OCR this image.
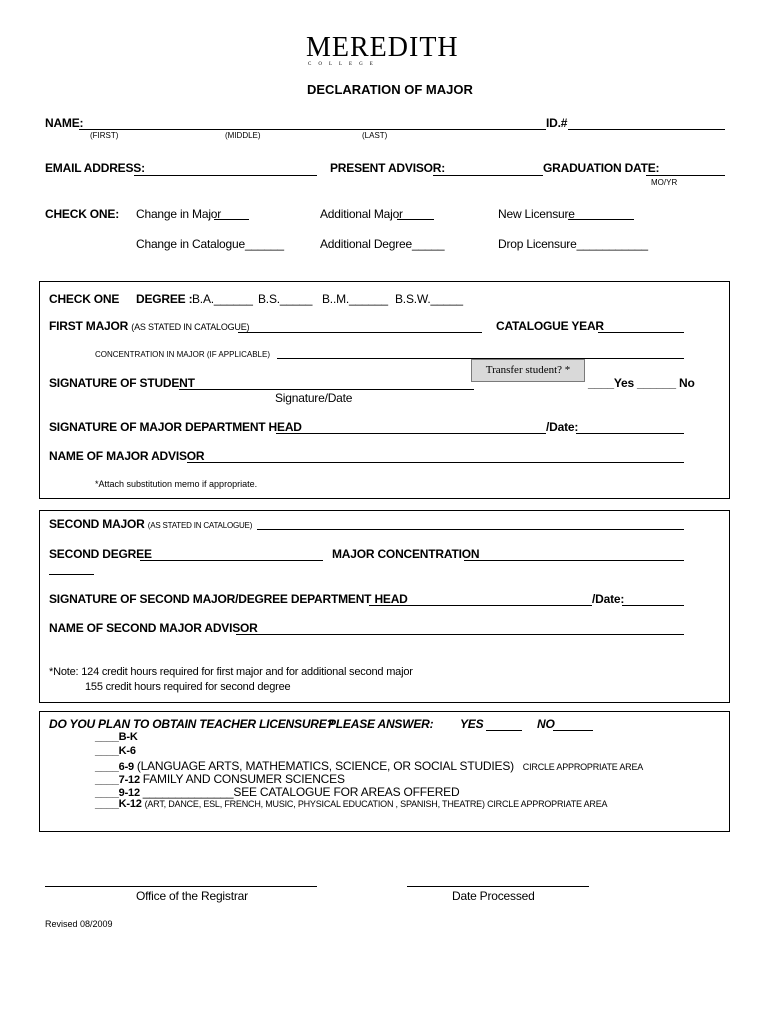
MEREDITH
COLLEGE
DECLARATION OF MAJOR
NAME:
(FIRST)	(MIDDLE)	(LAST)
ID.#
EMAIL ADDRESS:	PRESENT ADVISOR:	GRADUATION DATE:
MO/YR
CHECK ONE: Change in Major	Additional Major	New Licensure
Change in Catalogue______	Additional Degree_____	Drop Licensure___________
CHECK ONE DEGREE : B.A.______ B.S._____ B..M.______ B.S.W._____
FIRST MAJOR (AS STATED IN CATALOGUE)	CATALOGUE YEAR
CONCENTRATION IN MAJOR (IF APPLICABLE)
SIGNATURE OF STUDENT	____Yes ______ No
Signature/Date
Transfer student? *
SIGNATURE OF MAJOR DEPARTMENT HEAD	/Date:
NAME OF MAJOR ADVISOR
*Attach substitution memo if appropriate.
SECOND MAJOR (AS STATED IN CATALOGUE)
SECOND DEGREE	MAJOR CONCENTRATION
SIGNATURE OF SECOND MAJOR/DEGREE DEPARTMENT HEAD	/Date:
NAME OF SECOND MAJOR ADVISOR
*Note: 124 credit hours required for first major and for additional second major
155 credit hours required for second degree
DO YOU PLAN TO OBTAIN TEACHER LICENSURE?
PLEASE ANSWER: YES	NO
____B-K
____K-6
____6-9 (LANGUAGE ARTS, MATHEMATICS, SCIENCE, OR SOCIAL STUDIES) CIRCLE APPROPRIATE AREA
____7-12 FAMILY AND CONSUMER SCIENCES
____9-12 ______________SEE CATALOGUE FOR AREAS OFFERED
____K-12 (ART, DANCE, ESL, FRENCH, MUSIC, PHYSICAL EDUCATION , SPANISH, THEATRE) CIRCLE APPROPRIATE AREA
Office of the Registrar	Date Processed
Revised 08/2009
